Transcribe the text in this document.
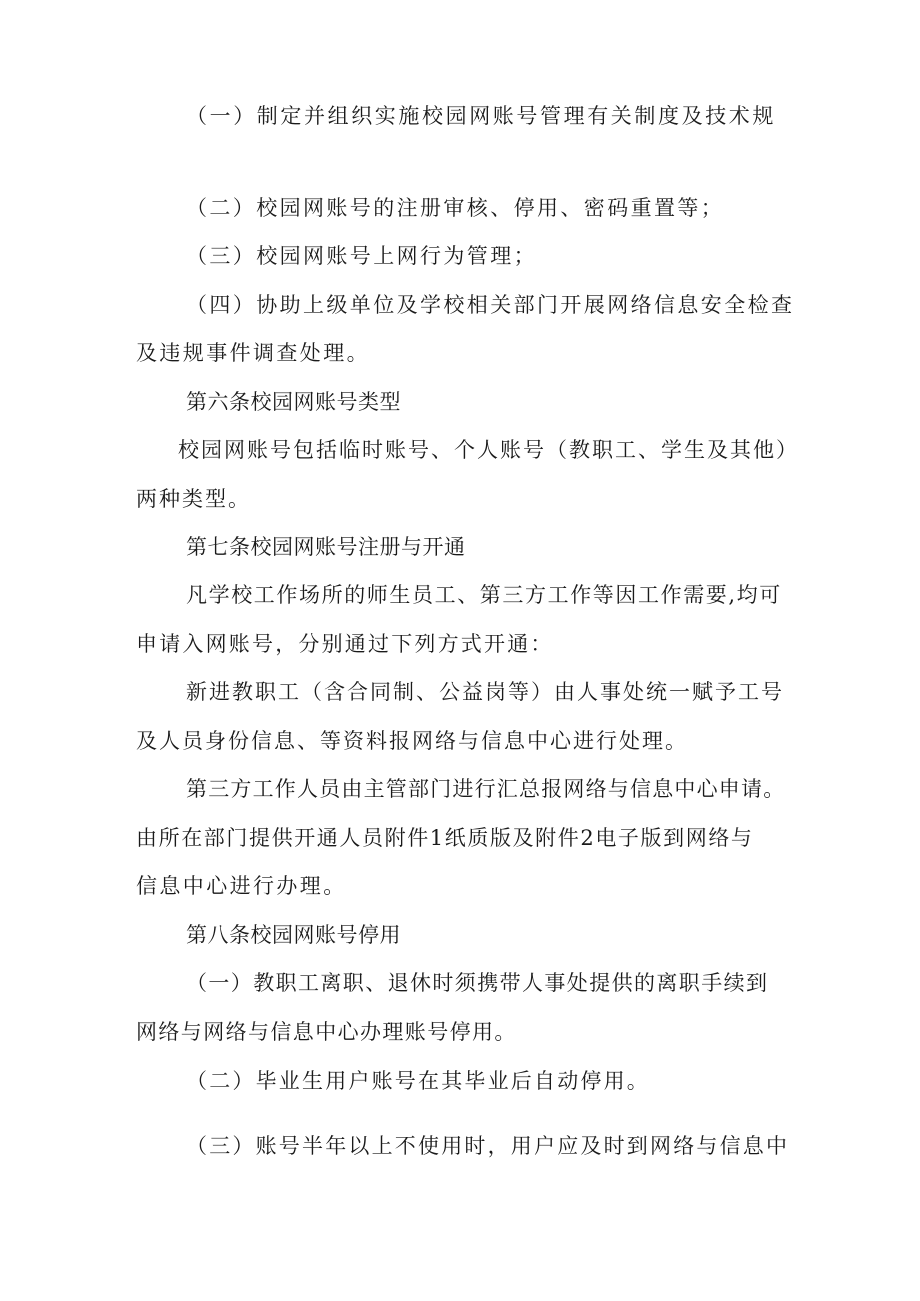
（一）制定并组织实施校园网账号管理有关制度及技术规

（二）校园网账号的注册审核、停用、密码重置等；

（三）校园网账号上网行为管理；

（四）协助上级单位及学校相关部门开展网络信息安全检查

及违规事件调查处理。

第六条校园网账号类型

校园网账号包括临时账号、个人账号（教职工、学生及其他）

两种类型。

第七条校园网账号注册与开通

凡学校工作场所的师生员工、第三方工作等因工作需要,均可

申请入网账号，分别通过下列方式开通：

新进教职工（含合同制、公益岗等）由人事处统一赋予工号

及人员身份信息、等资料报网络与信息中心进行处理。

第三方工作人员由主管部门进行汇总报网络与信息中心申请。

由所在部门提供开通人员附件1纸质版及附件2电子版到网络与

信息中心进行办理。

第八条校园网账号停用

（一）教职工离职、退休时须携带人事处提供的离职手续到

网络与网络与信息中心办理账号停用。

（二）毕业生用户账号在其毕业后自动停用。

（三）账号半年以上不使用时，用户应及时到网络与信息中
